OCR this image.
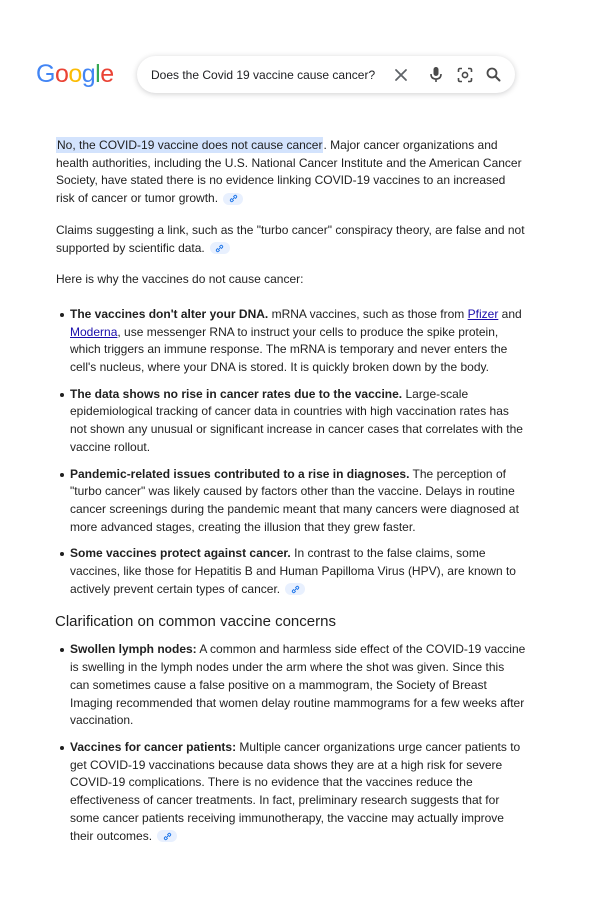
Google
Does the Covid 19 vaccine cause cancer?

No, the COVID-19 vaccine does not cause cancer. Major cancer organizations and health authorities, including the U.S. National Cancer Institute and the American Cancer Society, have stated there is no evidence linking COVID-19 vaccines to an increased risk of cancer or tumor growth.

Claims suggesting a link, such as the "turbo cancer" conspiracy theory, are false and not supported by scientific data.

Here is why the vaccines do not cause cancer:

The vaccines don't alter your DNA. mRNA vaccines, such as those from Pfizer and Moderna, use messenger RNA to instruct your cells to produce the spike protein, which triggers an immune response. The mRNA is temporary and never enters the cell's nucleus, where your DNA is stored. It is quickly broken down by the body.
The data shows no rise in cancer rates due to the vaccine. Large-scale epidemiological tracking of cancer data in countries with high vaccination rates has not shown any unusual or significant increase in cancer cases that correlates with the vaccine rollout.
Pandemic-related issues contributed to a rise in diagnoses. The perception of "turbo cancer" was likely caused by factors other than the vaccine. Delays in routine cancer screenings during the pandemic meant that many cancers were diagnosed at more advanced stages, creating the illusion that they grew faster.
Some vaccines protect against cancer. In contrast to the false claims, some vaccines, like those for Hepatitis B and Human Papilloma Virus (HPV), are known to actively prevent certain types of cancer.
Clarification on common vaccine concerns
Swollen lymph nodes: A common and harmless side effect of the COVID-19 vaccine is swelling in the lymph nodes under the arm where the shot was given. Since this can sometimes cause a false positive on a mammogram, the Society of Breast Imaging recommended that women delay routine mammograms for a few weeks after vaccination.
Vaccines for cancer patients: Multiple cancer organizations urge cancer patients to get COVID-19 vaccinations because data shows they are at a high risk for severe COVID-19 complications. There is no evidence that the vaccines reduce the effectiveness of cancer treatments. In fact, preliminary research suggests that for some cancer patients receiving immunotherapy, the vaccine may actually improve their outcomes.
